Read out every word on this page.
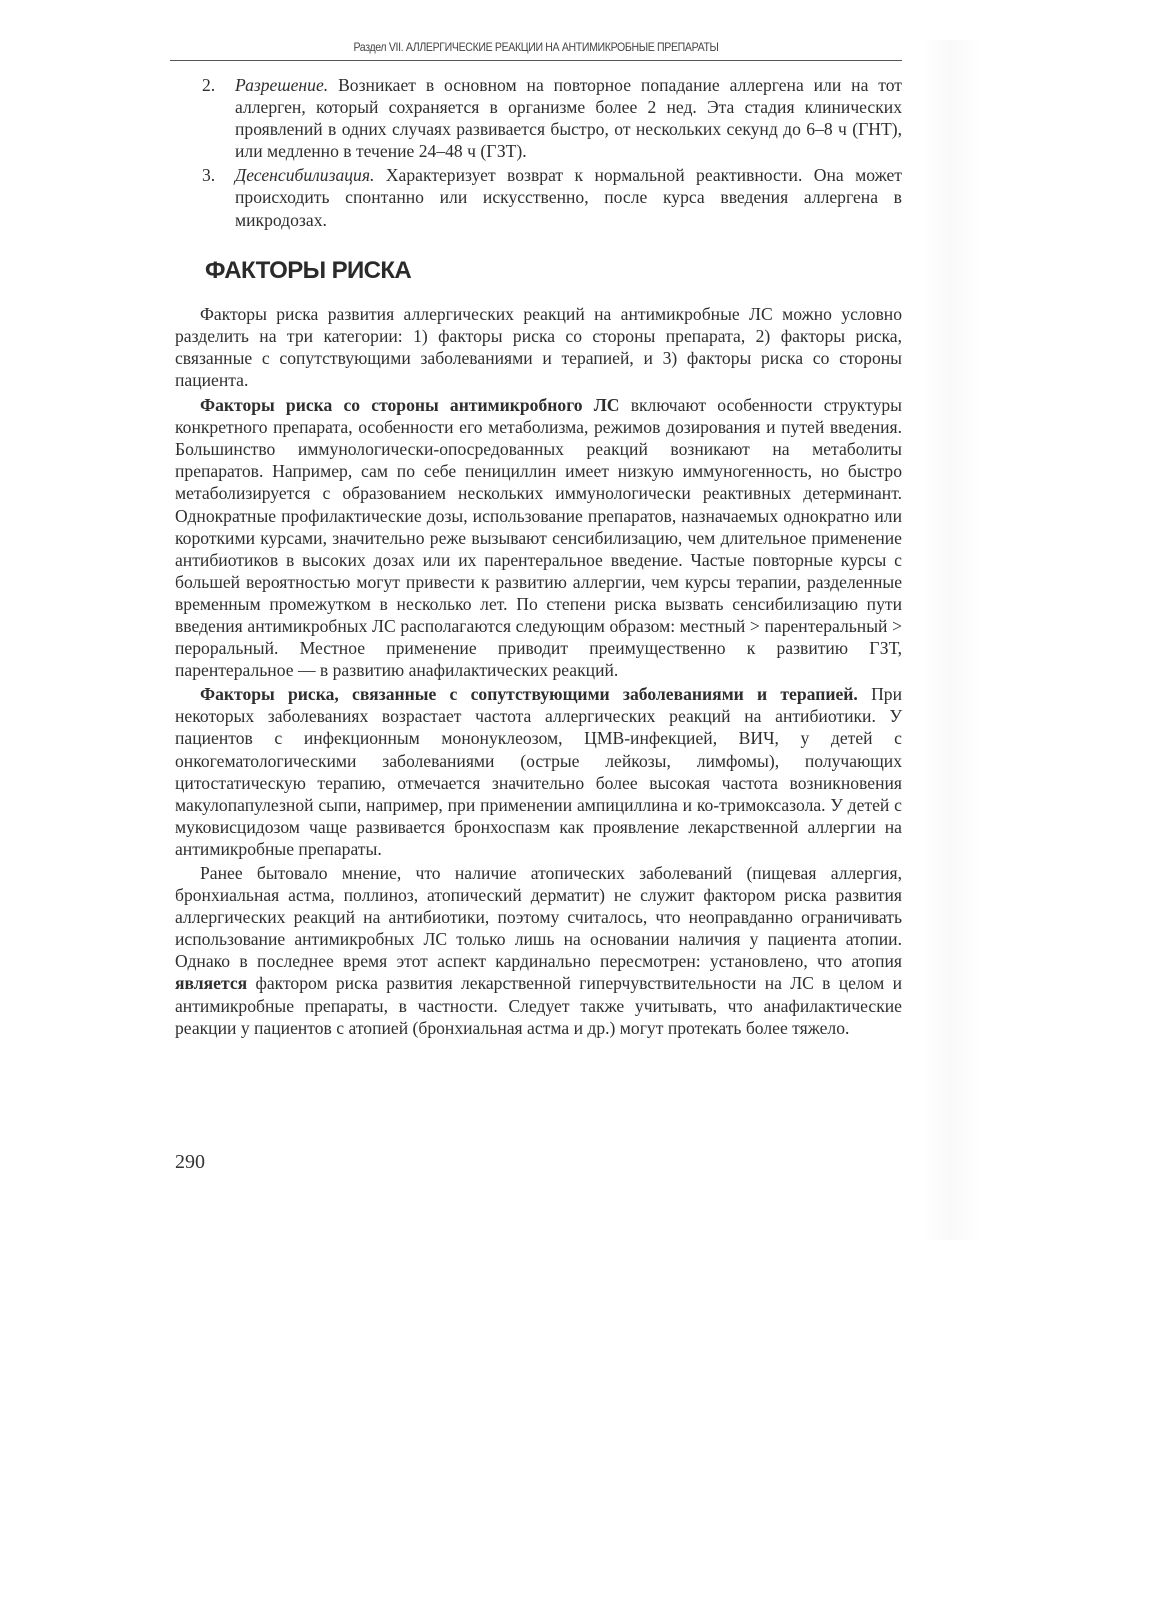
Раздел VII. АЛЛЕРГИЧЕСКИЕ РЕАКЦИИ НА АНТИМИКРОБНЫЕ ПРЕПАРАТЫ
2. Разрешение. Возникает в основном на повторное попадание аллергена или на тот аллерген, который сохраняется в организме более 2 нед. Эта стадия клинических проявлений в одних случаях развивается быстро, от нескольких секунд до 6–8 ч (ГНТ), или медленно в течение 24–48 ч (ГЗТ).
3. Десенсибилизация. Характеризует возврат к нормальной реактивности. Она может происходить спонтанно или искусственно, после курса введения аллергена в микродозах.
ФАКТОРЫ РИСКА

Факторы риска развития аллергических реакций на антимикробные ЛС можно условно разделить на три категории: 1) факторы риска со стороны препарата, 2) факторы риска, связанные с сопутствующими заболеваниями и терапией, и 3) факторы риска со стороны пациента.

Факторы риска со стороны антимикробного ЛС включают особенности структуры конкретного препарата, особенности его метаболизма, режимов дозирования и путей введения. Большинство иммунологически-опосредованных реакций возникают на метаболиты препаратов. Например, сам по себе пенициллин имеет низкую иммуногенность, но быстро метаболизируется с образованием нескольких иммунологически реактивных детерминант. Однократные профилактические дозы, использование препаратов, назначаемых однократно или короткими курсами, значительно реже вызывают сенсибилизацию, чем длительное применение антибиотиков в высоких дозах или их парентеральное введение. Частые повторные курсы с большей вероятностью могут привести к развитию аллергии, чем курсы терапии, разделенные временным промежутком в несколько лет. По степени риска вызвать сенсибилизацию пути введения антимикробных ЛС располагаются следующим образом: местный > парентеральный > пероральный. Местное применение приводит преимущественно к развитию ГЗТ, парентеральное — в развитию анафилактических реакций.

Факторы риска, связанные с сопутствующими заболеваниями и терапией. При некоторых заболеваниях возрастает частота аллергических реакций на антибиотики. У пациентов с инфекционным мононуклеозом, ЦМВ-инфекцией, ВИЧ, у детей с онкогематологическими заболеваниями (острые лейкозы, лимфомы), получающих цитостатическую терапию, отмечается значительно более высокая частота возникновения макулопапулезной сыпи, например, при применении ампициллина и ко-тримоксазола. У детей с муковисцидозом чаще развивается бронхоспазм как проявление лекарственной аллергии на антимикробные препараты.

Ранее бытовало мнение, что наличие атопических заболеваний (пищевая аллергия, бронхиальная астма, поллиноз, атопический дерматит) не служит фактором риска развития аллергических реакций на антибиотики, поэтому считалось, что неоправданно ограничивать использование антимикробных ЛС только лишь на основании наличия у пациента атопии. Однако в последнее время этот аспект кардинально пересмотрен: установлено, что атопия является фактором риска развития лекарственной гиперчувствительности на ЛС в целом и антимикробные препараты, в частности. Следует также учитывать, что анафилактические реакции у пациентов с атопией (бронхиальная астма и др.) могут протекать более тяжело.

290
